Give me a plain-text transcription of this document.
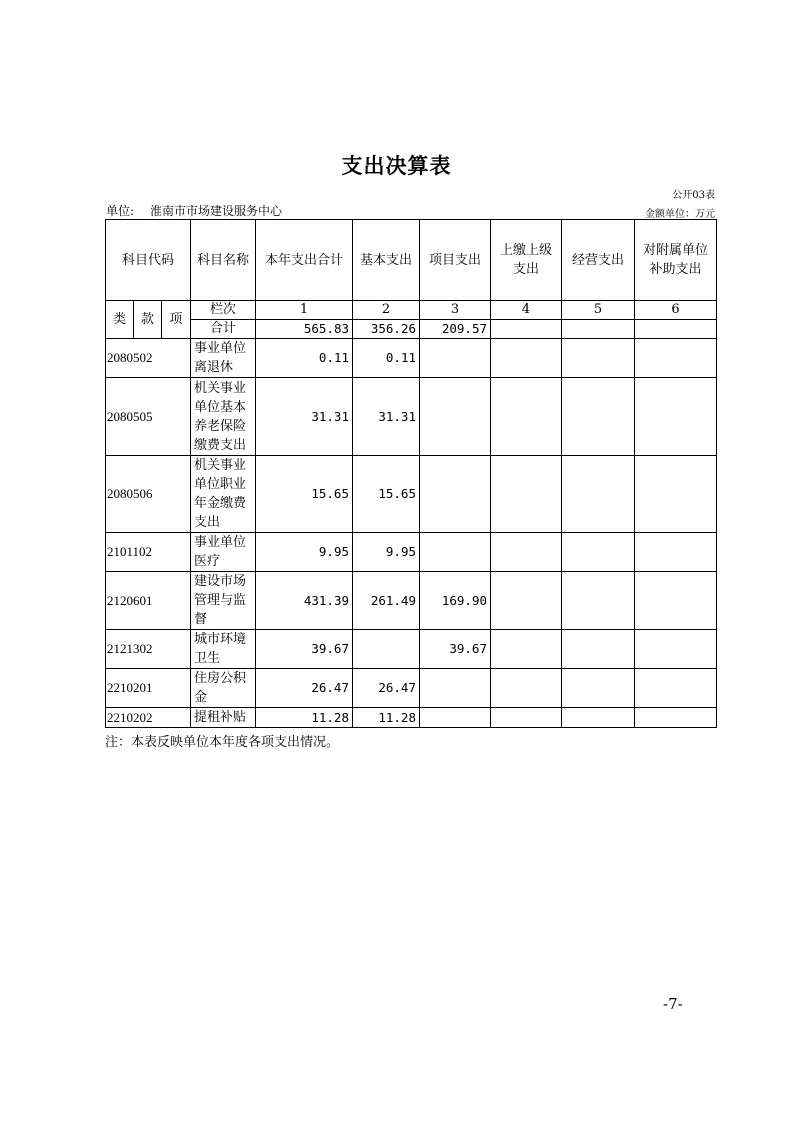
支出决算表
公开03表
单位: 淮南市市场建设服务中心	金额单位：万元
科目代码			科目名称	本年支出合计	基本支出	项目支出	上缴上级支出	经营支出	对附属单位补助支出
类	款	项	栏次	1	2	3	4	5	6
			合计	565.83	356.26	209.57			
2080502			事业单位离退休	0.11	0.11				
2080505			机关事业单位基本养老保险缴费支出	31.31	31.31				
2080506			机关事业单位职业年金缴费支出	15.65	15.65				
2101102			事业单位医疗	9.95	9.95				
2120601			建设市场管理与监督	431.39	261.49	169.90			
2121302			城市环境卫生	39.67		39.67			
2210201			住房公积金	26.47	26.47				
2210202			提租补贴	11.28	11.28				
注：本表反映单位本年度各项支出情况。
-7-
